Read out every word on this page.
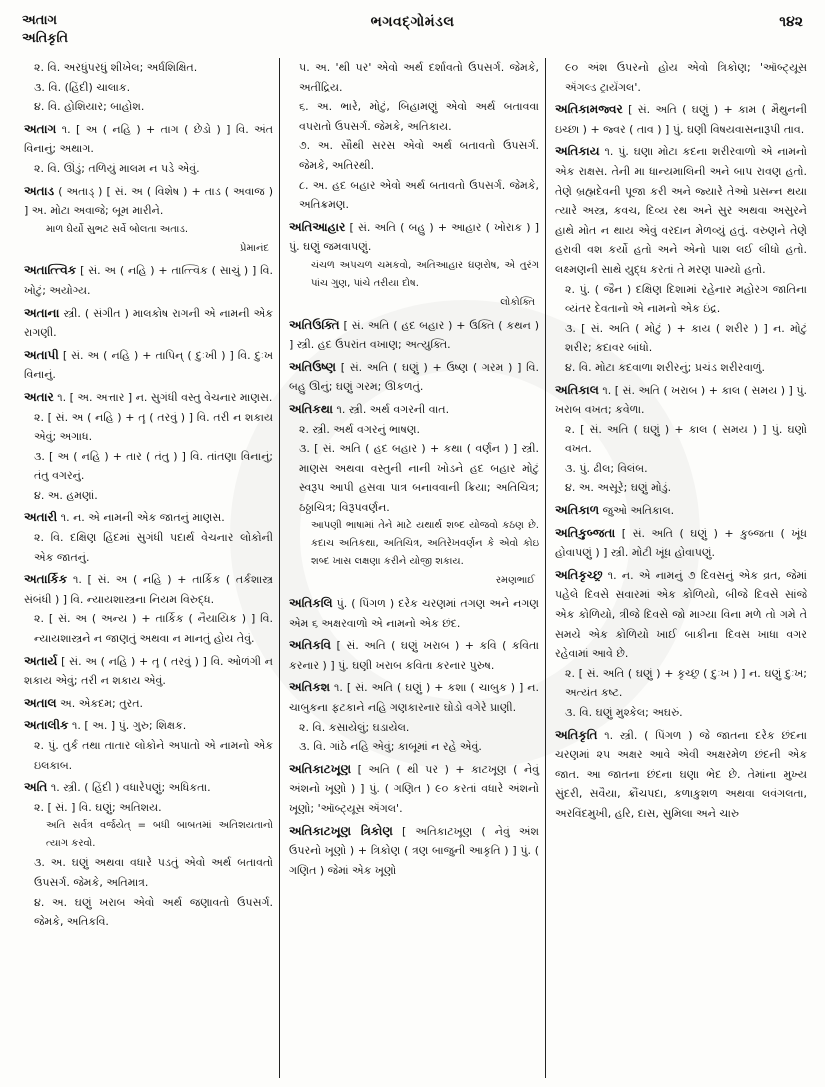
અતાગ
અતિકૃતિ
ભગવદ્ગોમંડલ	૧૪૨
૨. વિ. અરધુંપરધું શીખેલ; અર્ધશિક્ષિત.
૩. વિ. (હિંદી) ચાલાક.
૪. વિ. હોશિયાર; બાહોશ.
અતાગ ૧. [ અ ( નહિ ) + તાગ ( છેડો ) ] વિ. અંત વિનાનું; અથાગ.
૨. વિ. ઊંડું; તળિયું માલમ ન પડે એવું.
અતાડ ( અતાડ્ ) [ સં. અ ( વિશેષ ) + તાડ ( અવાજ ) ] અ. મોટા અવાજે; બૂમ મારીને.
માળ ઘેર્યો સુભટ સર્વે બોલતા અતાડ.
પ્રેમાનંદ
અતાત્ત્વિક [ સં. અ ( નહિ ) + તાત્ત્વિક ( સાચું ) ] વિ. ખોટું; અયોગ્ય.
અતાના સ્ત્રી. ( સંગીત ) માલકોષ રાગની એ નામની એક રાગણી.
અતાપી [ સં. અ ( નહિ ) + તાપિન્ ( દુઃખી ) ] વિ. દુઃખ વિનાનું.
અતાર ૧. [ અ. અત્તાર ] ન. સુગંધી વસ્તુ વેચનાર માણસ.
૨. [ સં. અ ( નહિ ) + તૄ ( તરવું ) ] વિ. તરી ન શકાય એવું; અગાધ.
૩. [ અ ( નહિ ) + તાર ( તંતુ ) ] વિ. તાંતણા વિનાનું; તંતુ વગરનું.
૪. અ. હમણાં.
અતારી ૧. ન. એ નામની એક જાતનું માણસ.
૨. વિ. દક્ષિણ હિંદમાં સુગંધી પદાર્થ વેચનાર લોકોની એક જાતનું.
અતાર્કિક ૧. [ સં. અ ( નહિ ) + તાર્કિક ( તર્કશાસ્ત્ર સંબંધી ) ] વિ. ન્યાયશાસ્ત્રના નિયમ વિરુદ્ધ.
૨. [ સં. અ ( અન્ય ) + તાર્કિક ( નૈયાયિક ) ] વિ. ન્યાયશાસ્ત્રને ન જાણતું અથવા ન માનતું હોય તેવું.
અતાર્ય [ સં. અ ( નહિ ) + તૄ ( તરવું ) ] વિ. ઓળંગી ન શકાય એવું; તરી ન શકાય એવું.
અતાલ અ. એકદમ; તુરત.
અતાલીક ૧. [ અ. ] પું. ગુરુ; શિક્ષક.
૨. પું. તુર્ક તથા તાતાર લોકોને અપાતો એ નામનો એક ઇલકાબ.
અતિ ૧. સ્ત્રી. ( હિંદી ) વધારેપણું; અધિકતા.
૨. [ સં. ] વિ. ઘણું; અતિશય.
અતિ સર્વત્ર વર્જયેત્ = બધી બાબતમાં અતિશયતાનો ત્યાગ કરવો.
૩. અ. ઘણું અથવા વધારે પડતું એવો અર્થ બતાવતો ઉપસર્ગ. જેમકે, અતિમાત્ર.
૪. અ. ઘણું ખરાબ એવો અર્થ જણાવતો ઉપસર્ગ. જેમકે, અતિકવિ.
૫. અ. 'થી પર' એવો અર્થ દર્શાવતો ઉપસર્ગ. જેમકે, અતીંદ્રિય.
૬. અ. ભારે, મોટું, બિહામણું એવો અર્થ બતાવવા વપરાતો ઉપસર્ગ. જેમકે, અતિકાય.
૭. અ. સૌથી સરસ એવો અર્થ બતાવતો ઉપસર્ગ. જેમકે, અતિરથી.
૮. અ. હદ બહાર એવો અર્થ બતાવતો ઉપસર્ગ. જેમકે, અતિક્રમણ.
અતિઆહાર [ સં. અતિ ( બહુ ) + આહાર ( ખોરાક ) ] પું. ઘણું જમવાપણું.
ચંચળ અપચળ ચમકવો, અતિઆહાર ઘણરોષ, એ તુરંગ પાંચ ગુણ, પાંચે તરીયા દોષ.
લોકોક્તિ
અતિઉક્તિ [ સં. અતિ ( હદ બહાર ) + ઉક્તિ ( કથન ) ] સ્ત્રી. હદ ઉપરાંત વખાણ; અત્યુક્તિ.
અતિઉષ્ણ [ સં. અતિ ( ઘણું ) + ઉષ્ણ ( ગરમ ) ] વિ. બહુ ઊનું; ઘણું ગરમ; ઊકળતું.
અતિકથા ૧. સ્ત્રી. અર્થ વગરની વાત.
૨. સ્ત્રી. અર્થ વગરનું ભાષણ.
૩. [ સં. અતિ ( હદ બહાર ) + કથા ( વર્ણન ) ] સ્ત્રી. માણસ અથવા વસ્તુની નાની ખોડને હદ બહાર મોટું સ્વરૂપ આપી હસવા પાત્ર બનાવવાની ક્રિયા; અતિચિત્ર; ઠઠ્ઠાચિત્ર; વિરૂપવર્ણન.
આપણી ભાષામાં તેને માટે યથાર્થ શબ્દ યોજવો કઠણ છે. કદાચ અતિકથા, અતિચિત્ર, અતિરેખવર્ણન કે એવો કોઇ શબ્દ ખાસ લક્ષણા કરીને યોજી શકાય.
રમણભાઈ
અતિકલિ પું. ( પિંગળ ) દરેક ચરણમાં તગણ અને નગણ એમ ૬ અક્ષરવાળો એ નામનો એક છંદ.
અતિકવિ [ સં. અતિ ( ઘણું ખરાબ ) + કવિ ( કવિતા કરનાર ) ] પું. ઘણી ખરાબ કવિતા કરનાર પુરુષ.
અતિકશ ૧. [ સં. અતિ ( ઘણું ) + કશા ( ચાબુક ) ] ન. ચાબુકના ફટકાને નહિ ગણકારનાર ઘોડો વગેરે પ્રાણી.
૨. વિ. કસાયેલું; ઘડાયેલ.
૩. વિ. ગાંઠે નહિ એવું; કાબૂમાં ન રહે એવું.
અતિકાટખૂણ [ અતિ ( થી પર ) + કાટખૂણ ( નેવું અંશનો ખૂણો ) ] પું. ( ગણિત ) ૯૦ કરતાં વધારે અંશનો ખૂણો; 'ઑબ્ટ્યૂસ ઍંગલ'.
અતિકાટખૂણ ત્રિકોણ [ અતિકાટખૂણ ( નેવું અંશ ઉપરનો ખૂણો ) + ત્રિકોણ ( ત્રણ બાજુની આકૃતિ ) ] પું. ( ગણિત ) જેમાં એક ખૂણો
૯૦ અંશ ઉપરનો હોય એવો ત્રિકોણ; 'ઑબ્ટ્યૂસ ઍંગલ્ડ ટ્રાયૅંગલ'.
અતિકામજ્વર [ સં. અતિ ( ઘણું ) + કામ ( મૈથુનની ઇચ્છા ) + જ્વર ( તાવ ) ] પું. ઘણી વિષયવાસનારૂપી તાવ.
અતિકાય ૧. પું. ઘણા મોટા કદના શરીરવાળો એ નામનો એક રાક્ષસ. તેની મા ધાન્યમાલિની અને બાપ રાવણ હતો. તેણે બ્રહ્મદેવની પૂજા કરી અને જ્યારે તેઓ પ્રસન્ન થયા ત્યારે અસ્ત્ર, કવચ, દિવ્ય રથ અને સુર અથવા અસુરને હાથે મોત ન થાય એવું વરદાન મેળવ્યું હતું. વરુણને તેણે હરાવી વશ કર્યો હતો અને એનો પાશ લઈ લીધો હતો. લક્ષ્મણની સાથે યુદ્ધ કરતાં તે મરણ પામ્યો હતો.
૨. પું. ( જૈન ) દક્ષિણ દિશામાં રહેનાર મહોરગ જાતિના વ્યંતર દેવતાનો એ નામનો એક ઇંદ્ર.
૩. [ સં. અતિ ( મોટું ) + કાય ( શરીર ) ] ન. મોટું શરીર; કદાવર બાંધો.
૪. વિ. મોટા કદવાળા શરીરનું; પ્રચંડ શરીરવાળું.
અતિકાલ ૧. [ સં. અતિ ( ખરાબ ) + કાલ ( સમય ) ] પું. ખરાબ વખત; કવેળા.
૨. [ સં. અતિ ( ઘણું ) + કાલ ( સમય ) ] પું. ઘણો વખત.
૩. પું. ઢીલ; વિલંબ.
૪. અ. અસૂરે; ઘણું મોડું.
અતિકાળ જુઓ અતિકાલ.
અતિકુબ્જતા [ સં. અતિ ( ઘણું ) + કુબ્જતા ( ખૂંધ હોવાપણું ) ] સ્ત્રી. મોટી ખૂંધ હોવાપણું.
અતિકૃચ્છ્ર ૧. ન. એ નામનું ૭ દિવસનું એક વ્રત, જેમાં પહેલે દિવસે સવારમાં એક કોળિયો, બીજે દિવસે સાંજે એક કોળિયો, ત્રીજે દિવસે જો માગ્યા વિના મળે તો ગમે તે સમયે એક કોળિયો ખાઈ બાકીના દિવસ ખાધા વગર રહેવામાં આવે છે.
૨. [ સં. અતિ ( ઘણું ) + કૃચ્છ્ર ( દુઃખ ) ] ન. ઘણું દુઃખ; અત્યંત કષ્ટ.
૩. વિ. ઘણું મુશ્કેલ; અઘરું.
અતિકૃતિ ૧. સ્ત્રી. ( પિંગળ ) જે જાતના દરેક છંદના ચરણમાં ૨૫ અક્ષર આવે એવી અક્ષરમેળ છંદની એક જાત. આ જાતના છંદના ઘણા ભેદ છે. તેમાંના મુખ્ય સુંદરી, સવૈયા, ક્રૌંચપદા, કળાકુશળ અથવા લવંગલતા, અરવિંદમુખી, હરિ, દાસ, સુમિલા અને ચારુ
